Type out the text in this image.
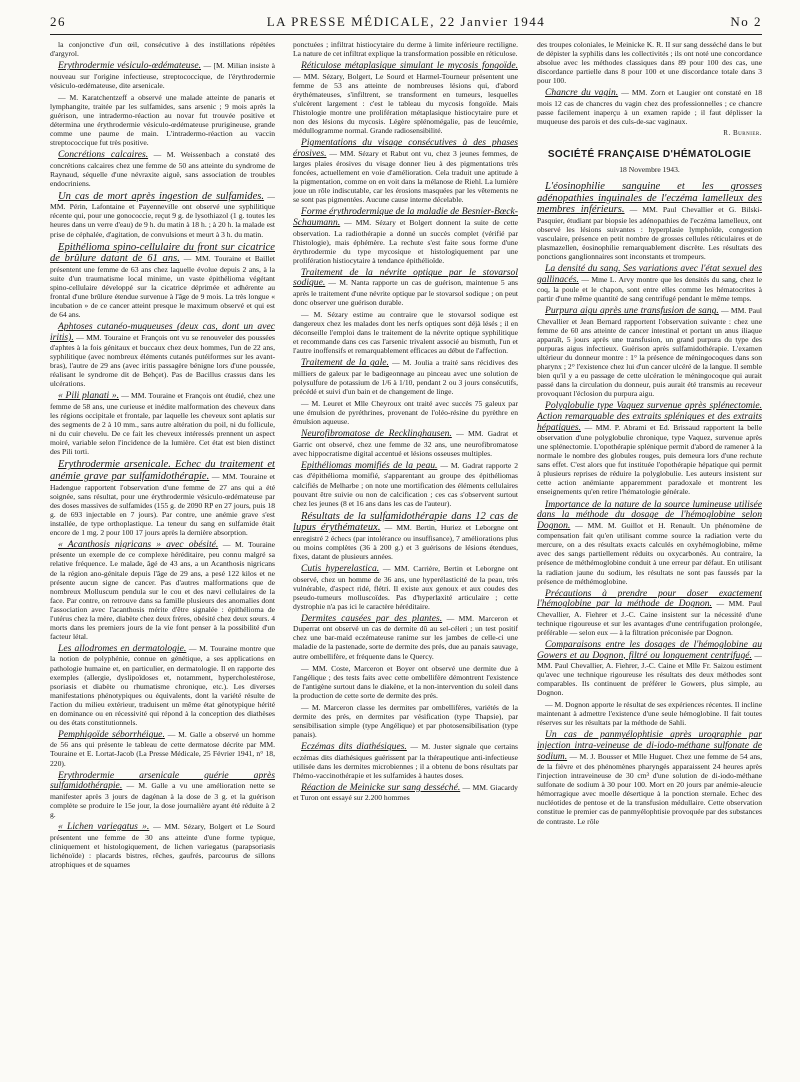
26	LA PRESSE MÉDICALE, 22 Janvier 1944	No 2

la conjonctive d'un œil, consécutive à des instillations répétées d'argyrol.

Erythrodermie vésiculo-œdémateuse. — [M. Milian insiste à nouveau sur l'origine infectieuse, streptococcique, de l'érythrodermie vésiculo-œdémateuse, dite arsenicale.

— M. Karatchentzeff a observé une malade atteinte de panaris et lymphangite, traitée par les sulfamides, sans arsenic ; 9 mois après la guérison, une intradermo-réaction au novar fut trouvée positive et détermina une érythrodermie vésiculo-œdémateuse prurigineuse, grande comme une paume de main. L'intradermo-réaction au vaccin streptococcique fut très positive.

Concrétions calcaires. — M. Weissenbach a constaté des concrétions calcaires chez une femme de 50 ans atteinte du syndrome de Raynaud, séquelle d'une névraxite aiguë, sans association de troubles endocriniens.

Un cas de mort après ingestion de sulfamides. — MM. Périn, Lafontaine et Payenneville ont observé une syphilitique récente qui, pour une gonococcie, reçut 9 g. de lysothiazol (1 g. toutes les heures dans un verre d'eau) de 9 h. du matin à 18 h. ; à 20 h. la malade est prise de céphalée, d'agitation, de convulsions et meurt à 3 h. du matin.

Epithélioma spino-cellulaire du front sur cicatrice de brûlure datant de 61 ans. — MM. Touraine et Baillet présentent une femme de 63 ans chez laquelle évolue depuis 2 ans, à la suite d'un traumatisme local minime, un vaste épithélioma végétant spino-cellulaire développé sur la cicatrice déprimée et adhérente au frontal d'une brûlure étendue survenue à l'âge de 9 mois. La très longue « incubation » de ce cancer atteint presque le maximum observé et qui est de 64 ans.

Aphtoses cutanéo-muqueuses (deux cas, dont un avec iritis). — MM. Touraine et François ont vu se renouveler des poussées d'aphtes à la fois génitaux et buccaux chez deux hommes, l'un de 22 ans, syphilitique (avec nombreux éléments cutanés putéiformes sur les avant-bras), l'autre de 29 ans (avec iritis passagère bénigne lors d'une poussée, réalisant le syndrome dit de Behçet). Pas de Bacillus crassus dans les ulcérations.

« Pili planati ». — MM. Touraine et François ont étudié, chez une femme de 58 ans, une curieuse et inédite malformation des cheveux dans les régions occipitale et frontale, par laquelle les cheveux sont aplatis sur des segments de 2 à 10 mm., sans autre altération du poil, ni du follicule, ni du cuir chevelu. De ce fait les cheveux intéressés prennent un aspect moiré, variable selon l'incidence de la lumière. Cet état est bien distinct des Pili torti.

Erythrodermie arsenicale. Echec du traitement et anémie grave par sulfamidothérapie. — MM. Touraine et Hadengue rapportent l'observation d'une femme de 27 ans qui a été soignée, sans résultat, pour une érythrodermie vésiculo-œdémateuse par des doses massives de sulfamides (155 g. de 2090 RP en 27 jours, puis 18 g. de 693 injectable en 7 jours). Par contre, une anémie grave s'est installée, de type orthoplastique. La teneur du sang en sulfamide était encore de 1 mg. 2 pour 100 17 jours après la dernière absorption.

« Acanthosis nigricans » avec obésité. — M. Touraine présente un exemple de ce complexe héréditaire, peu connu malgré sa relative fréquence. Le malade, âgé de 43 ans, a un Acanthosis nigricans de la région ano-génitale depuis l'âge de 29 ans, a pesé 122 kilos et ne présente aucun signe de cancer. Pas d'autres malformations que de nombreux Molluscum pendula sur le cou et des nævi cellulaires de la face. Par contre, on retrouve dans sa famille plusieurs des anomalies dont l'association avec l'acanthosis mérite d'être signalée : épithélioma de l'utérus chez la mère, diabète chez deux frères, obésité chez deux sœurs. 4 morts dans les premiers jours de la vie font penser à la possibilité d'un facteur létal.

Les allodromes en dermatologie. — M. Touraine montre que la notion de polyphénie, connue en génétique, a ses applications en pathologie humaine et, en particulier, en dermatologie. Il en rapporte des exemples (allergie, dyslipoïdoses et, notamment, hypercholestérose, psoriasis et diabète ou rhumatisme chronique, etc.). Les diverses manifestations phénotypiques ou équivalents, dont la variété résulte de l'action du milieu extérieur, traduisent un même état génotypique hérité en dominance ou en récessivité qui répond à la conception des diathèses ou des états constitutionnels.

Pemphigoïde séborrhéique. — M. Galle a observé un homme de 56 ans qui présente le tableau de cette dermatose décrite par MM. Touraine et E. Lortat-Jacob (La Presse Médicale, 25 Février 1941, n° 18, 220).

Erythrodermie arsenicale guérie après sulfamidothérapie. — M. Galle a vu une amélioration nette se manifester après 3 jours de dagénan à la dose de 3 g. et la guérison complète se produire le 15e jour, la dose journalière ayant été réduite à 2 g.

« Lichen variegatus ». — MM. Sézary, Bolgert et Le Sourd présentent une femme de 30 ans atteinte d'une forme typique, cliniquement et histologiquement, de lichen variegatus (parapsoriasis lichénoïde) : placards bistres, rêches, gaufrés, parcourus de sillons atrophiques et de squames

ponctuées ; infiltrat histiocytaire du derme à limite inférieure rectiligne. La nature de cet infiltrat explique la transformation possible en réticulose.

Réticulose métaplasique simulant le mycosis fongoïde. — MM. Sézary, Bolgert, Le Sourd et Harmel-Tourneur présentent une femme de 53 ans atteinte de nombreuses lésions qui, d'abord érythémateuses, s'infiltrent, se transforment en tumeurs, lesquelles s'ulcèrent largement : c'est le tableau du mycosis fongoïde. Mais l'histologie montre une prolifération métaplasique histiocytaire pure et non des lésions du mycosis. Légère splénomégalie, pas de leucémie, médullogramme normal. Grande radiosensibilité.

Pigmentations du visage consécutives à des phases érosives. — MM. Sézary et Rabut ont vu, chez 3 jeunes femmes, de larges plaies érosives du visage donner lieu à des pigmentations très foncées, actuellement en voie d'amélioration. Cela traduit une aptitude à la pigmentation, comme on en voit dans la mélanose de Riehl. La lumière joue un rôle indiscutable, car les érosions masquées par les vêtements ne se sont pas pigmentées. Aucune cause interne décelable.

Forme érythrodermique de la maladie de Besnier-Bœck-Schaumann. — MM. Sézary et Bolgert donnent la suite de cette observation. La radiothérapie a donné un succès complet (vérifié par l'histologie), mais éphémère. La rechute s'est faite sous forme d'une érythrodermie du type mycosique et histologiquement par une prolifération histiocytaire à tendance épithélioïde.

Traitement de la névrite optique par le stovarsol sodique. — M. Nanta rapporte un cas de guérison, maintenue 5 ans après le traitement d'une névrite optique par le stovarsol sodique ; on peut donc observer une guérison durable.

— M. Sézary estime au contraire que le stovarsol sodique est dangereux chez les malades dont les nerfs optiques sont déjà lésés ; il en déconseille l'emploi dans le traitement de la névrite optique syphilitique et recommande dans ces cas l'arsenic trivalent associé au bismuth, l'un et l'autre inoffensifs et remarquablement efficaces au début de l'affection.

Traitement de la gale. — M. Joulia a traité sans récidives des milliers de galeux par le badigeonnage au pinceau avec une solution de polysulfure de potassium de 1/6 à 1/10, pendant 2 ou 3 jours consécutifs, précédé et suivi d'un bain et de changement de linge.

— M. Leuret et Mlle Cheyroux ont traité avec succès 75 galeux par une émulsion de pyréthrines, provenant de l'oléo-résine du pyrèthre en émulsion aqueuse.

Neurofibromatose de Recklinghausen. — MM. Gadrat et Garric ont observé, chez une femme de 32 ans, une neurofibromatose avec hippocratisme digital accentué et lésions osseuses multiples.

Epithéliomas momifiés de la peau. — M. Gadrat rapporte 2 cas d'épithélioma momifié, s'apparentant au groupe des épithéliomas calcifiés de Melharbe ; on note une mortification des éléments cellulaires pouvant être suivie ou non de calcification ; ces cas s'observent surtout chez les jeunes (8 et 16 ans dans les cas de l'auteur).

Résultats de la sulfamidothérapie dans 12 cas de lupus érythémateux. — MM. Bertin, Huriez et Leborgne ont enregistré 2 échecs (par intolérance ou insuffisance), 7 améliorations plus ou moins complètes (36 à 200 g.) et 3 guérisons de lésions étendues, fixes, datant de plusieurs années.

Cutis hyperelastica. — MM. Carrière, Bertin et Leborgne ont observé, chez un homme de 36 ans, une hyperélasticité de la peau, très vulnérable, d'aspect ridé, flétri. Il existe aux genoux et aux coudes des pseudo-tumeurs molluscoïdes. Pas d'hyperlaxité articulaire ; cette dystrophie n'a pas ici le caractère héréditaire.

Dermites causées par des plantes. — MM. Marceron et Duperrat ont observé un cas de dermite dû au sel-céleri ; un test positif chez une bar-maid eczémateuse ranime sur les jambes de celle-ci une maladie de la pastenade, sorte de dermite des prés, due au panais sauvage, autre ombellifère, et fréquente dans le Quercy.

— MM. Coste, Marceron et Boyer ont observé une dermite due à l'angélique ; des tests faits avec cette ombellifère démontrent l'existence de l'antigène surtout dans le diakène, et la non-intervention du soleil dans la production de cette sorte de dermite des prés.

— M. Marceron classe les dermites par ombellifères, variétés de la dermite des prés, en dermites par vésification (type Thapsie), par sensibilisation simple (type Angélique) et par photosensibilisation (type panais).

Eczémas dits diathésiques. — M. Juster signale que certains eczémas dits diathésiques guérissent par la thérapeutique anti-infectieuse utilisée dans les dermites microbiennes ; il a obtenu de bons résultats par l'hémo-vaccinothérapie et les sulfamides à hautes doses.

Réaction de Meinicke sur sang desséché. — MM. Giacardy et Turon ont essayé sur 2.200 hommes

des troupes coloniales, le Meinicke K. R. II sur sang desséché dans le but de dépister la syphilis dans les collectivités ; ils ont noté une concordance absolue avec les méthodes classiques dans 89 pour 100 des cas, une discordance partielle dans 8 pour 100 et une discordance totale dans 3 pour 100.

Chancre du vagin. — MM. Zorn et Laugier ont constaté en 18 mois 12 cas de chancres du vagin chez des professionnelles ; ce chancre passe facilement inaperçu à un examen rapide ; il faut déplisser la muqueuse des parois et des culs-de-sac vaginaux.

R. Burnier.
SOCIÉTÉ FRANÇAISE D'HÉMATOLOGIE
18 Novembre 1943.

L'éosinophilie sanguine et les grosses adénopathies inguinales de l'eczéma lamelleux des membres inférieurs. — MM. Paul Chevallier et G. Bilski-Pasquier, étudiant par biopsie les adénopathies de l'eczéma lamelleux, ont observé les lésions suivantes : hyperplasie lymphoïde, congestion vasculaire, présence en petit nombre de grosses cellules réticulaires et de plasmazellen, éosinophilie remarquablement discrète. Les résultats des ponctions ganglionnaires sont inconstants et trompeurs.

La densité du sang. Ses variations avec l'état sexuel des gallinacés. — Mme L. Arvy montre que les densités du sang, chez le coq, la poule et le chapon, sont entre elles comme les hématocrites à partir d'une même quantité de sang centrifugé pendant le même temps.

Purpura aigu après une transfusion de sang. — MM. Paul Chevallier et Jean Bernard rapportent l'observation suivante : chez une femme de 60 ans atteinte de cancer intestinal et portant un anus iliaque apparaît, 5 jours après une transfusion, un grand purpura du type des purpuras aigus infectieux. Guérison après sulfamidothérapie. L'examen ultérieur du donneur montre : 1° la présence de méningocoques dans son pharynx ; 2° l'existence chez lui d'un cancer ulcéré de la langue. Il semble bien qu'il y a eu passage de cette ulcération le méningocoque qui aurait passé dans la circulation du donneur, puis aurait été transmis au receveur provoquant l'éclosion du purpura aigu.

Polyglobulie type Vaquez survenue après splénectomie. Action remarquable des extraits spléniques et des extraits hépatiques. — MM. P. Abrami et Ed. Brissaud rapportent la belle observation d'une polyglobulie chronique, type Vaquez, survenue après une splénectomie. L'opothérapie splénique permit d'abord de ramener à la normale le nombre des globules rouges, puis demeura lors d'une rechute sans effet. C'est alors que fut instituée l'opothérapie hépatique qui permit à plusieurs reprises de réduire la polyglobulie. Les auteurs insistent sur cette action anémiante apparemment paradoxale et montrent les enseignements qu'en retire l'hématologie générale.

Importance de la nature de la source lumineuse utilisée dans la méthode du dosage de l'hémoglobine selon Dognon. — MM. M. Guillot et H. Renault. Un phénomène de compensation fait qu'en utilisant comme source la radiation verte du mercure, on a des résultats exacts calculés en oxyhémoglobine, même avec des sangs partiellement réduits ou oxycarbonés. Au contraire, la présence de méthémoglobine conduit à une erreur par défaut. En utilisant la radiation jaune du sodium, les résultats ne sont pas faussés par la présence de méthémoglobine.

Précautions à prendre pour doser exactement l'hémoglobine par la méthode de Dognon. — MM. Paul Chevallier, A. Fiehrer et J.-C. Caine insistent sur la nécessité d'une technique rigoureuse et sur les avantages d'une centrifugation prolongée, préférable — selon eux — à la filtration préconisée par Dognon.

Comparaisons entre les dosages de l'hémoglobine au Gowers et au Dognon, filtré ou longuement centrifugé. — MM. Paul Chevallier, A. Fiehrer, J.-C. Caine et Mlle Fr. Saizou estiment qu'avec une technique rigoureuse les résultats des deux méthodes sont comparables. Ils continuent de préférer le Gowers, plus simple, au Dognon.

— M. Dognon apporte le résultat de ses expériences récentes. Il incline maintenant à admettre l'existence d'une seule hémoglobine. Il fait toutes réserves sur les résultats par la méthode de Sahli.

Un cas de panmyélophtisie après urographie par injection intra-veineuse de di-iodo-méthane sulfonate de sodium. — M. J. Bousser et Mlle Huguet. Chez une femme de 54 ans, de la fièvre et des phénomènes pharyngés apparaissent 24 heures après l'injection intraveineuse de 30 cm³ d'une solution de di-iodo-méthane sulfonate de sodium à 30 pour 100. Mort en 20 jours par anémie-aleucie hémorragique avec moelle désertique à la ponction sternale. Echec des nucléotides de pentose et de la transfusion médullaire. Cette observation constitue le premier cas de panmyélophtisie provoquée par des substances de contraste. Le rôle
